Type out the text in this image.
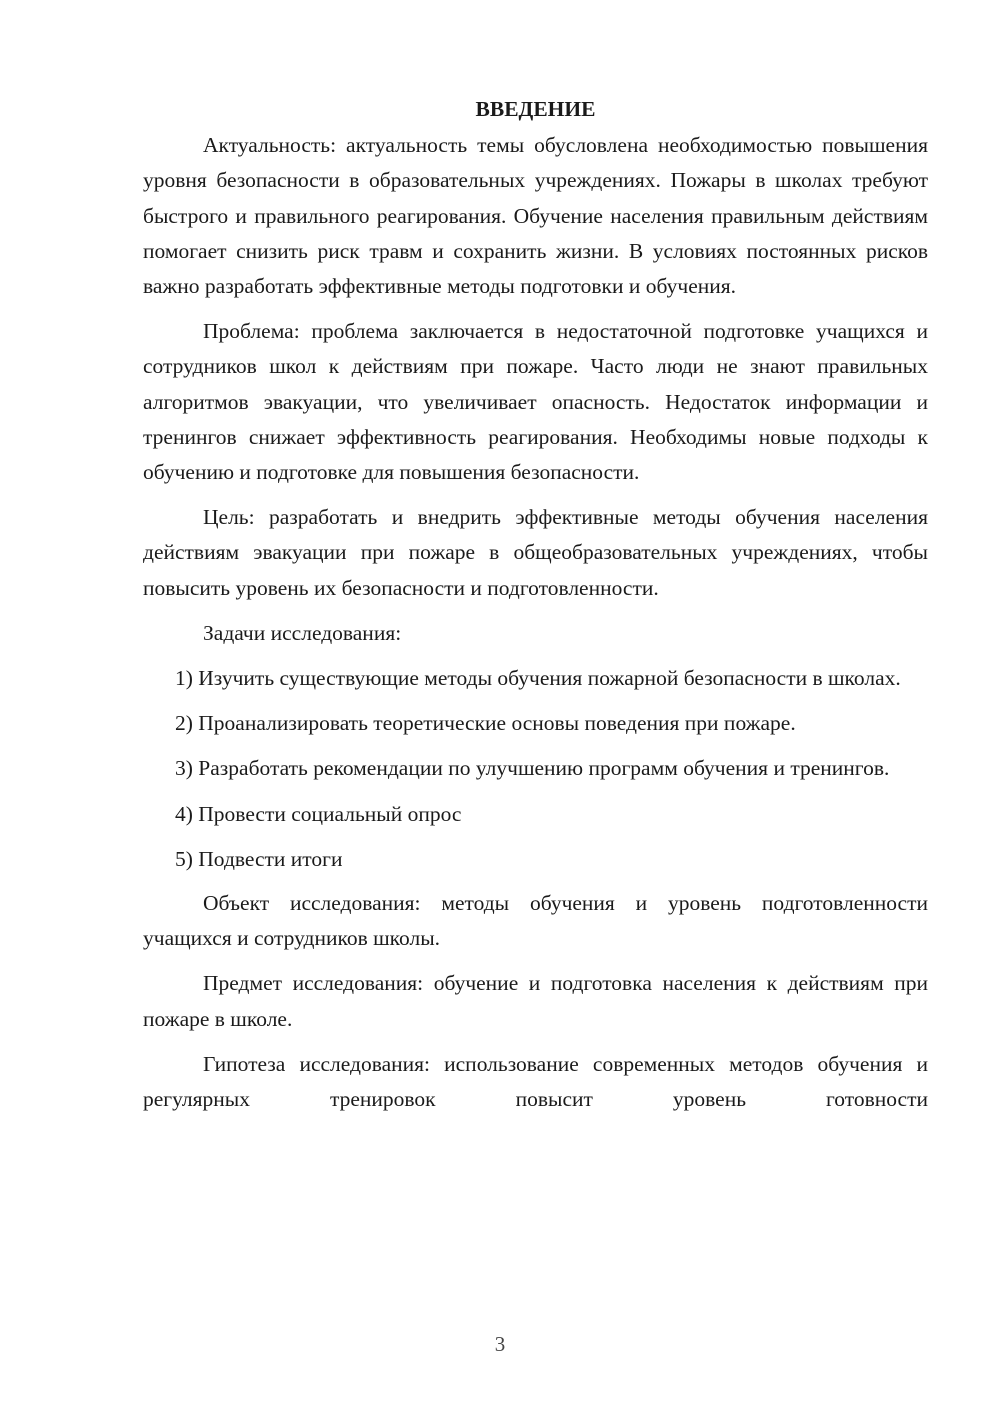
ВВЕДЕНИЕ

Актуальность: актуальность темы обусловлена необходимостью повышения уровня безопасности в образовательных учреждениях. Пожары в школах требуют быстрого и правильного реагирования. Обучение населения правильным действиям помогает снизить риск травм и сохранить жизни. В условиях постоянных рисков важно разработать эффективные методы подготовки и обучения.

Проблема: проблема заключается в недостаточной подготовке учащихся и сотрудников школ к действиям при пожаре. Часто люди не знают правильных алгоритмов эвакуации, что увеличивает опасность. Недостаток информации и тренингов снижает эффективность реагирования. Необходимы новые подходы к обучению и подготовке для повышения безопасности.

Цель: разработать и внедрить эффективные методы обучения населения действиям эвакуации при пожаре в общеобразовательных учреждениях, чтобы повысить уровень их безопасности и подготовленности.

Задачи исследования:

1) Изучить существующие методы обучения пожарной безопасности в школах.

2) Проанализировать теоретические основы поведения при пожаре.

3) Разработать рекомендации по улучшению программ обучения и тренингов.

4) Провести социальный опрос

5) Подвести итоги

Объект исследования: методы обучения и уровень подготовленности учащихся и сотрудников школы.

Предмет исследования: обучение и подготовка населения к действиям при пожаре в школе.

Гипотеза исследования: использование современных методов обучения и регулярных тренировок повысит уровень готовности

3
